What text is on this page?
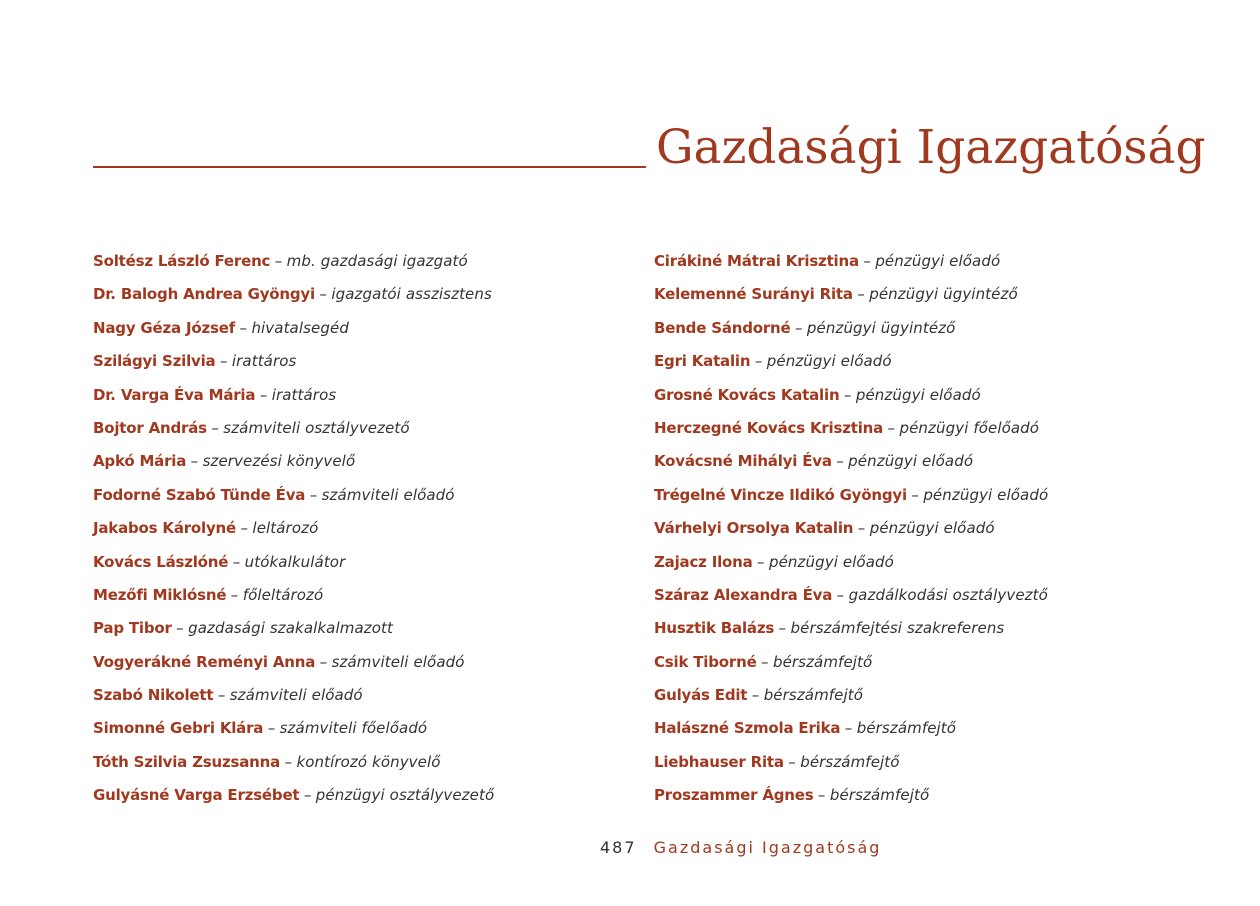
Gazdasági Igazgatóság
Soltész László Ferenc – mb. gazdasági igazgató
Dr. Balogh Andrea Gyöngyi – igazgatói asszisztens
Nagy Géza József – hivatalsegéd
Szilágyi Szilvia – irattáros
Dr. Varga Éva Mária – irattáros
Bojtor András – számviteli osztályvezető
Apkó Mária – szervezési könyvelő
Fodorné Szabó Tünde Éva – számviteli előadó
Jakabos Károlyné – leltározó
Kovács Lászlóné – utókalkulátor
Mezőfi Miklósné – főleltározó
Pap Tibor – gazdasági szakalkalmazott
Vogyerákné Reményi Anna – számviteli előadó
Szabó Nikolett – számviteli előadó
Simonné Gebri Klára – számviteli főelőadó
Tóth Szilvia Zsuzsanna – kontírozó könyvelő
Gulyásné Varga Erzsébet – pénzügyi osztályvezető
Cirákiné Mátrai Krisztina – pénzügyi előadó
Kelemenné Surányi Rita – pénzügyi ügyintéző
Bende Sándorné – pénzügyi ügyintéző
Egri Katalin – pénzügyi előadó
Grosné Kovács Katalin – pénzügyi előadó
Herczegné Kovács Krisztina – pénzügyi főelőadó
Kovácsné Mihályi Éva – pénzügyi előadó
Trégelné Vincze Ildikó Gyöngyi – pénzügyi előadó
Várhelyi Orsolya Katalin – pénzügyi előadó
Zajacz Ilona – pénzügyi előadó
Száraz Alexandra Éva – gazdálkodási osztályveztő
Husztik Balázs – bérszámfejtési szakreferens
Csik Tiborné – bérszámfejtő
Gulyás Edit – bérszámfejtő
Halászné Szmola Erika – bérszámfejtő
Liebhauser Rita – bérszámfejtő
Proszammer Ágnes – bérszámfejtő
487 Gazdasági Igazgatóság
